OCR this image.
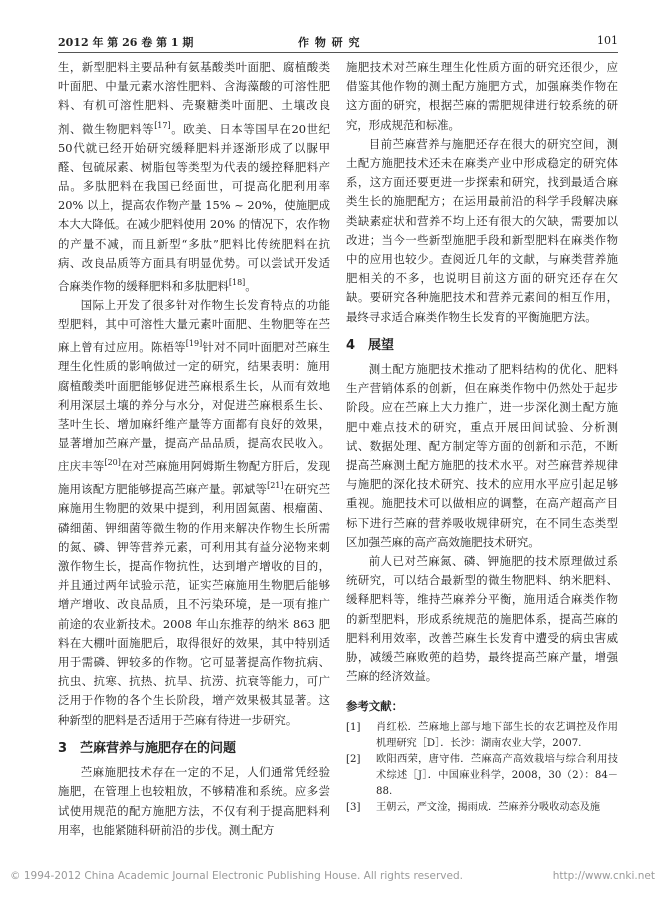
2012 年 第 26 卷 第 1 期	作 物 研 究	101

生，新型肥料主要品种有氨基酸类叶面肥、腐植酸类叶面肥、中量元素水溶性肥料、含海藻酸的可溶性肥料、有机可溶性肥料、壳聚糖类叶面肥、土壤改良剂、微生物肥料等[17]。欧美、日本等国早在20世纪50代就已经开始研究缓释肥料并逐渐形成了以脲甲醛、包硫尿素、树脂包等类型为代表的缓控释肥料产品。多肽肥料在我国已经面世，可提高化肥利用率 20% 以上，提高农作物产量 15% ~ 20%，使施肥成本大大降低。在减少肥料使用 20% 的情况下，农作物的产量不减，而且新型“多肽”肥料比传统肥料在抗病、改良品质等方面具有明显优势。可以尝试开发适合麻类作物的缓释肥料和多肽肥料[18]。

国际上开发了很多针对作物生长发育特点的功能型肥料，其中可溶性大量元素叶面肥、生物肥等在苎麻上曾有过应用。陈梧等[19]针对不同叶面肥对苎麻生理生化性质的影响做过一定的研究，结果表明：施用腐植酸类叶面肥能够促进苎麻根系生长，从而有效地利用深层土壤的养分与水分，对促进苎麻根系生长、茎叶生长、增加麻纤维产量等方面都有良好的效果，显著增加苎麻产量，提高产品品质，提高农民收入。庄庆丰等[20]在对苎麻施用阿姆斯生物配方肝后，发现施用该配方肥能够提高苎麻产量。郭斌等[21]在研究苎麻施用生物肥的效果中提到，利用固氮菌、根瘤菌、磷细菌、钾细菌等微生物的作用来解决作物生长所需的氮、磷、钾等营养元素，可利用其有益分泌物来刺激作物生长，提高作物抗性，达到增产增收的目的，并且通过两年试验示范，证实苎麻施用生物肥后能够增产增收、改良品质，且不污染环境，是一项有推广前途的农业新技术。2008 年山东推荐的纳米 863 肥料在大棚叶面施肥后，取得很好的效果，其中特别适用于需磷、钾较多的作物。它可显著提高作物抗病、抗虫、抗寒、抗热、抗旱、抗涝、抗衰等能力，可广泛用于作物的各个生长阶段，增产效果极其显著。这种新型的肥料是否适用于苎麻有待进一步研究。

3 苎麻营养与施肥存在的问题

苎麻施肥技术存在一定的不足，人们通常凭经验施肥，在管理上也较粗放，不够精准和系统。应多尝试使用规范的配方施肥方法，不仅有利于提高肥料利用率，也能紧随科研前沿的步伐。测土配方

施肥技术对苎麻生理生化性质方面的研究还很少，应借鉴其他作物的测土配方施肥方式，加强麻类作物在这方面的研究，根据苎麻的需肥规律进行较系统的研究，形成规范和标准。

目前苎麻营养与施肥还存在很大的研究空间，测土配方施肥技术还未在麻类产业中形成稳定的研究体系，这方面还要更进一步探索和研究，找到最适合麻类生长的施肥配方；在运用最前沿的科学手段解决麻类缺素症状和营养不均上还有很大的欠缺，需要加以改进；当今一些新型施肥手段和新型肥料在麻类作物中的应用也较少。查阅近几年的文献，与麻类营养施肥相关的不多，也说明目前这方面的研究还存在欠缺。要研究各种施肥技术和营养元素间的相互作用，最终寻求适合麻类作物生长发育的平衡施肥方法。

4 展望

测土配方施肥技术推动了肥料结构的优化、肥料生产营销体系的创新，但在麻类作物中仍然处于起步阶段。应在苎麻上大力推广，进一步深化测土配方施肥中难点技术的研究，重点开展田间试验、分析测试、数据处理、配方制定等方面的创新和示范，不断提高苎麻测土配方施肥的技术水平。对苎麻营养规律与施肥的深化技术研究、技术的应用水平应引起足够重视。施肥技术可以做相应的调整，在高产超高产目标下进行苎麻的营养吸收规律研究，在不同生态类型区加强苎麻的高产高效施肥技术研究。

前人已对苎麻氮、磷、钾施肥的技术原理做过系统研究，可以结合最新型的微生物肥料、纳米肥料、缓释肥料等，维持苎麻养分平衡，施用适合麻类作物的新型肥料，形成系统规范的施肥体系，提高苎麻的肥料利用效率，改善苎麻生长发育中遭受的病虫害威胁，减缓苎麻败蔸的趋势，最终提高苎麻产量，增强苎麻的经济效益。

参考文献：
[1] 肖红松．苎麻地上部与地下部生长的农艺调控及作用机理研究［D］．长沙：湖南农业大学，2007.
[2] 欧阳西荣，唐守伟．苎麻高产高效栽培与综合利用技术综述［J］．中国麻业科学，2008，30（2）：84－88.
[3] 王朝云，严文淦，揭雨成．苎麻养分吸收动态及施
© 1994-2012 China Academic Journal Electronic Publishing House. All rights reserved.	http://www.cnki.net
